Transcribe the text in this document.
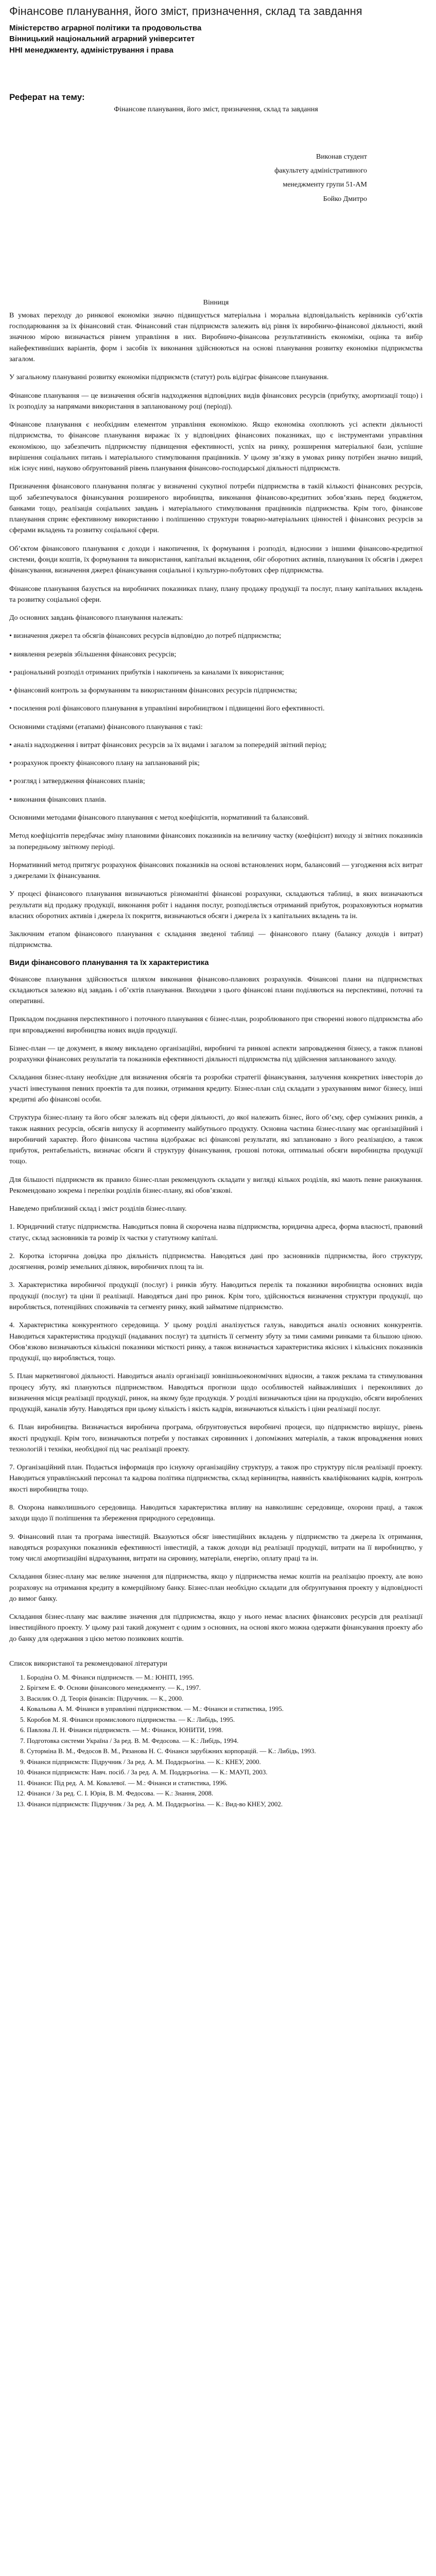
Фінансове планування, його зміст, призначення, склад та завдання
Міністерство аграрної політики та продовольства
Вінницький національний аграрний університет
ННІ менеджменту, адміністрування і права
Реферат на тему:
Фінансове планування, його зміст, призначення, склад та завдання
Виконав студент
факультету адміністративного
менеджменту групи 51-АМ
Бойко Дмитро
Вінниця

В умовах переходу до ринкової економіки значно підвищується матеріальна і моральна відповідальність керівників суб’єктів господарювання за їх фінансовий стан. Фінансовий стан підприємств залежить від рівня їх виробничо-фінансової діяльності, який значною мірою визначається рівнем управління в них. Виробничо-фінансова результативність економіки, оцінка та вибір найефективніших варіантів, форм і засобів їх виконання здійснюються на основі планування розвитку економіки підприємства загалом.

У загальному плануванні розвитку економіки підприємств (статут) роль відіграє фінансове планування.

Фінансове планування — це визначення обсягів надходження відповідних видів фінансових ресурсів (прибутку, амортизації тощо) і їх розподілу за напрямами використання в запланованому році (періоді).

Фінансове планування є необхідним елементом управління економікою. Якщо економіка охоплюють усі аспекти діяльності підприємства, то фінансове планування виражає їх у відповідних фінансових показниках, що є інструментами управління економікою, що забезпечить підприємству підвищення ефективності, успіх на ринку, розширення матеріальної бази, успішне вирішення соціальних питань і матеріального стимулювання працівників. У цьому зв’язку в умовах ринку потрібен значно вищий, ніж існує нині, науково обґрунтований рівень планування фінансово-господарської діяльності підприємств.

Призначення фінансового планування полягає у визначенні сукупної потреби підприємства в такій кількості фінансових ресурсів, щоб забезпечувалося фінансування розширеного виробництва, виконання фінансово-кредитних зобов’язань перед бюджетом, банками тощо, реалізація соціальних завдань і матеріального стимулювання працівників підприємства. Крім того, фінансове планування сприяє ефективному використанню і поліпшенню структури товарно-матеріальних цінностей і фінансових ресурсів за сферами вкладень та розвитку соціальної сфери.

Об’єктом фінансового планування є доходи і накопичення, їх формування і розподіл, відносини з іншими фінансово-кредитної системи, фонди коштів, їх формування та використання, капітальні вкладення, обіг оборотних активів, планування їх обсягів і джерел фінансування, визначення джерел фінансування соціальної і культурно-побутових сфер підприємства.

Фінансове планування базується на виробничих показниках плану, плану продажу продукції та послуг, плану капітальних вкладень та розвитку соціальної сфери.

До основних завдань фінансового планування належать:

• визначення джерел та обсягів фінансових ресурсів відповідно до потреб підприємства;

• виявлення резервів збільшення фінансових ресурсів;

• раціональний розподіл отриманих прибутків і накопичень за каналами їх використання;

• фінансовий контроль за формуванням та використанням фінансових ресурсів підприємства;

• посилення ролі фінансового планування в управлінні виробництвом і підвищенні його ефективності.

Основними стадіями (етапами) фінансового планування є такі:

• аналіз надходження і витрат фінансових ресурсів за їх видами і загалом за попередній звітний період;

• розрахунок проекту фінансового плану на запланований рік;

• розгляд і затвердження фінансових планів;

• виконання фінансових планів.

Основними методами фінансового планування є метод коефіцієнтів, нормативний та балансовий.

Метод коефіцієнтів передбачає зміну плановими фінансових показників на величину частку (коефіцієнт) виходу зі звітних показників за попередньому звітному періоді.

Нормативний метод притягує розрахунок фінансових показників на основі встановлених норм, балансовий — узгодження всіх витрат з джерелами їх фінансування.

У процесі фінансового планування визначаються різноманітні фінансові розрахунки, складаються таблиці, в яких визначаються результати від продажу продукції, виконання робіт і надання послуг, розподіляється отриманий прибуток, розраховуються норматив власних оборотних активів і джерела їх покриття, визначаються обсяги і джерела їх з капітальних вкладень та ін.

Заключним етапом фінансового планування є складання зведеної таблиці — фінансового плану (балансу доходів і витрат) підприємства.

Види фінансового планування та їх характеристика

Фінансове планування здійснюється шляхом виконання фінансово-планових розрахунків. Фінансові плани на підприємствах складаються залежно від завдань і об’єктів планування. Виходячи з цього фінансові плани поділяються на перспективні, поточні та оперативні.

Прикладом поєднання перспективного і поточного планування є бізнес-план, розроблюваного при створенні нового підприємства або при впровадженні виробництва нових видів продукції.

Бізнес-план — це документ, в якому викладено організаційні, виробничі та ринкові аспекти запровадження бізнесу, а також планові розрахунки фінансових результатів та показників ефективності діяльності підприємства під здійснення запланованого заходу.

Складання бізнес-плану необхідне для визначення обсягів та розробки стратегії фінансування, залучення конкретних інвесторів до участі інвестування певних проектів та для позики, отримання кредиту. Бізнес-план слід складати з урахуванням вимог бізнесу, інші кредитні або фінансові особи.

Структура бізнес-плану та його обсяг залежать від сфери діяльності, до якої належить бізнес, його об’єму, сфер суміжних ринків, а також наявних ресурсів, обсягів випуску й асортименту майбутнього продукту. Основна частина бізнес-плану має організаційний і виробничий характер. Його фінансова частина відображає всі фінансові результати, які заплановано з його реалізацією, а також прибуток, рентабельність, визначає обсяги й структуру фінансування, грошові потоки, оптимальні обсяги виробництва продукції тощо.

Для більшості підприємств як правило бізнес-план рекомендують складати у вигляді кількох розділів, які мають певне ранжування. Рекомендовано зокрема і переліки розділів бізнес-плану, які обов’язкові.

Наведемо приблизний склад і зміст розділів бізнес-плану.

1. Юридичний статус підприємства. Наводиться повна й скорочена назва підприємства, юридична адреса, форма власності, правовий статус, склад засновників та розмір їх частки у статутному капіталі.

2. Коротка історична довідка про діяльність підприємства. Наводяться дані про засновників підприємства, його структуру, досягнення, розмір земельних ділянок, виробничих площ та ін.

3. Характеристика виробничої продукції (послуг) і ринків збуту. Наводиться перелік та показники виробництва основних видів продукції (послуг) та ціни її реалізації. Наводяться дані про ринок. Крім того, здійснюється визначення структури продукції, що виробляється, потенційних споживачів та сегменту ринку, який займатиме підприємство.

4. Характеристика конкурентного середовища. У цьому розділі аналізується галузь, наводиться аналіз основних конкурентів. Наводиться характеристика продукції (надаваних послуг) та здатність її сегменту збуту за тими самими ринками та більшою ціною. Обов’язково визначаються кількісні показники місткості ринку, а також визначається характеристика якісних і кількісних показників продукції, що виробляється, тощо.

5. План маркетингової діяльності. Наводиться аналіз організації зовнішньоекономічних відносин, а також реклама та стимулювання процесу збуту, які плануються підприємством. Наводяться прогнози щодо особливостей найважливіших і переконливих до визначення місця реалізації продукції, ринок, на якому буде продукція. У розділі визначаються ціни на продукцію, обсяги вироблених продукцій, каналів збуту. Наводяться при цьому кількість і якість кадрів, визначаються кількість і ціни реалізації послуг.

6. План виробництва. Визначається виробнича програма, обґрунтовується виробничі процеси, що підприємство вирішує, рівень якості продукції. Крім того, визначаються потреби у поставках сировинних і допоміжних матеріалів, а також впровадження нових технологій і техніки, необхідної під час реалізації проекту.

7. Організаційний план. Подається інформація про існуючу організаційну структуру, а також про структуру після реалізації проекту. Наводиться управлінський персонал та кадрова політика підприємства, склад керівництва, наявність кваліфікованих кадрів, контроль якості виробництва тощо.

8. Охорона навколишнього середовища. Наводиться характеристика впливу на навколишнє середовище, охорони праці, а також заходи щодо її поліпшення та збереження природного середовища.

9. Фінансовий план та програма інвестицій. Вказуються обсяг інвестиційних вкладень у підприємство та джерела їх отримання, наводяться розрахунки показників ефективності інвестицій, а також доходи від реалізації продукції, витрати на її виробництво, у тому числі амортизаційні відрахування, витрати на сировину, матеріали, енергію, оплату праці та ін.

Складання бізнес-плану має велике значення для підприємства, якщо у підприємства немає коштів на реалізацію проекту, але воно розраховує на отримання кредиту в комерційному банку. Бізнес-план необхідно складати для обґрунтування проекту у відповідності до вимог банку.

Складання бізнес-плану має важливе значення для підприємства, якщо у нього немає власних фінансових ресурсів для реалізації інвестиційного проекту. У цьому разі такий документ є одним з основних, на основі якого можна одержати фінансування проекту або до банку для одержання з цією метою позикових коштів.

Список використаної та рекомендованої літератури
1. Бородіна О. М. Фінанси підприємств. — М.: ЮНІТІ, 1995.
2. Брігхем Е. Ф. Основи фінансового менеджменту. — К., 1997.
3. Василик О. Д. Теорія фінансів: Підручник. — К., 2000.
4. Ковальова А. М. Фінанси в управлінні підприємством. — М.: Фінанси и статистика, 1995.
5. Коробов М. Я. Фінанси промислового підприємства. — К.: Либідь, 1995.
6. Павлова Л. Н. Фінанси підприємств. — М.: Фінанси, ЮНИТИ, 1998.
7. Подготовка системи Україна / За ред. В. М. Федосова. — К.: Либідь, 1994.
8. Суторміна В. М., Федосов В. М., Рязанова Н. С. Фінанси зарубіжних корпорацій. — К.: Либідь, 1993.
9. Фінанси підприємств: Підручник / За ред. А. М. Поддєрьогіна. — К.: КНЕУ, 2000.
10. Фінанси підприємств: Навч. посіб. / За ред. А. М. Поддєрьогіна. — К.: МАУП, 2003.
11. Фінанси: Під ред. А. М. Ковалевої. — М.: Фінанси и статистика, 1996.
12. Фінанси / За ред. С. І. Юрія, В. М. Федосова. — К.: Знання, 2008.
13. Фінанси підприємств: Підручник / За ред. А. М. Поддєрьогіна. — К.: Вид-во КНЕУ, 2002.
